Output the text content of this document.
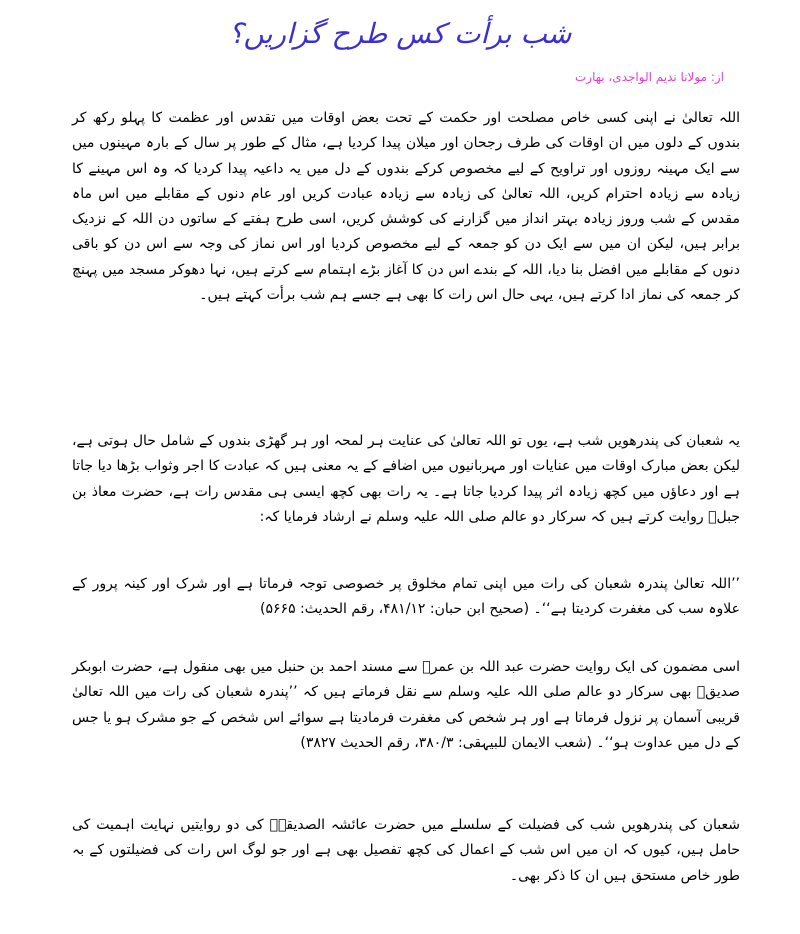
شب برأت کس طرح گزاریں؟
از: مولانا ندیم الواجدی، بھارت

اللہ تعالیٰ نے اپنی کسی خاص مصلحت اور حکمت کے تحت بعض اوقات میں تقدس اور عظمت کا پہلو رکھ کر بندوں کے دلوں میں ان اوقات کی طرف رجحان اور میلان پیدا کردیا ہے، مثال کے طور پر سال کے بارہ مہینوں میں سے ایک مہینہ روزوں اور تراویح کے لیے مخصوص کرکے بندوں کے دل میں یہ داعیہ پیدا کردیا کہ وہ اس مہینے کا زیادہ سے زیادہ احترام کریں، اللہ تعالیٰ کی زیادہ سے زیادہ عبادت کریں اور عام دنوں کے مقابلے میں اس ماہ مقدس کے شب وروز زیادہ بہتر انداز میں گزارنے کی کوشش کریں، اسی طرح ہفتے کے ساتوں دن اللہ کے نزدیک برابر ہیں، لیکن ان میں سے ایک دن کو جمعہ کے لیے مخصوص کردیا اور اس نماز کی وجہ سے اس دن کو باقی دنوں کے مقابلے میں افضل بنا دیا، اللہ کے بندے اس دن کا آغاز بڑے اہتمام سے کرتے ہیں، نہا دھوکر مسجد میں پہنچ کر جمعہ کی نماز ادا کرتے ہیں، یہی حال اس رات کا بھی ہے جسے ہم شب برأت کہتے ہیں۔

یہ شعبان کی پندرھویں شب ہے، یوں تو اللہ تعالیٰ کی عنایت ہر لمحہ اور ہر گھڑی بندوں کے شامل حال ہوتی ہے، لیکن بعض مبارک اوقات میں عنایات اور مہربانیوں میں اضافے کے یہ معنی ہیں کہ عبادت کا اجر وثواب بڑھا دیا جاتا ہے اور دعاؤں میں کچھ زیادہ اثر پیدا کردیا جاتا ہے۔ یہ رات بھی کچھ ایسی ہی مقدس رات ہے، حضرت معاذ بن جبلؓ روایت کرتے ہیں کہ سرکار دو عالم صلی اللہ علیہ وسلم نے ارشاد فرمایا کہ:

’’اللہ تعالیٰ پندرہ شعبان کی رات میں اپنی تمام مخلوق پر خصوصی توجہ فرماتا ہے اور شرک اور کینہ پرور کے علاوہ سب کی مغفرت کردیتا ہے‘‘۔ (صحیح ابن حبان: ۴۸۱/۱۲، رقم الحدیث: ۵۶۶۵)

اسی مضمون کی ایک روایت حضرت عبد اللہ بن عمرؓ سے مسند احمد بن حنبل میں بھی منقول ہے، حضرت ابوبکر صدیقؓ بھی سرکار دو عالم صلی اللہ علیہ وسلم سے نقل فرماتے ہیں کہ ’’پندرہ شعبان کی رات میں اللہ تعالیٰ قریبی آسمان پر نزول فرماتا ہے اور ہر شخص کی مغفرت فرمادیتا ہے سوائے اس شخص کے جو مشرک ہو یا جس کے دل میں عداوت ہو‘‘۔ (شعب الایمان للبیہقی: ۳۸۰/۳، رقم الحدیث ۳۸۲۷)

شعبان کی پندرھویں شب کی فضیلت کے سلسلے میں حضرت عائشہ الصدیقہؓ کی دو روایتیں نہایت اہمیت کی حامل ہیں، کیوں کہ ان میں اس شب کے اعمال کی کچھ تفصیل بھی ہے اور جو لوگ اس رات کی فضیلتوں کے بہ طور خاص مستحق ہیں ان کا ذکر بھی۔
